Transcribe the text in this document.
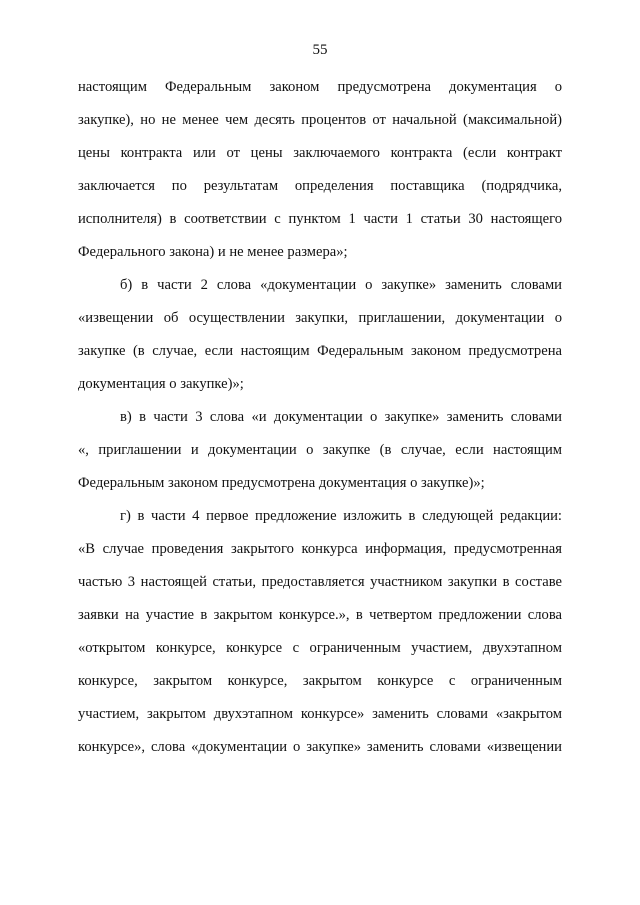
55
настоящим Федеральным законом предусмотрена документация о
закупке), но не менее чем десять процентов от начальной (максимальной)
цены контракта или от цены заключаемого контракта (если контракт
заключается по результатам определения поставщика (подрядчика,
исполнителя) в соответствии с пунктом 1 части 1 статьи 30 настоящего
Федерального закона) и не менее размера»;
б) в части 2 слова «документации о закупке» заменить словами
«извещении об осуществлении закупки, приглашении, документации о
закупке (в случае, если настоящим Федеральным законом предусмотрена
документация о закупке)»;
в) в части 3 слова «и документации о закупке» заменить словами
«, приглашении и документации о закупке (в случае, если настоящим
Федеральным законом предусмотрена документация о закупке)»;
г) в части 4 первое предложение изложить в следующей редакции:
«В случае проведения закрытого конкурса информация, предусмотренная
частью 3 настоящей статьи, предоставляется участником закупки в составе
заявки на участие в закрытом конкурсе.», в четвертом предложении слова
«открытом конкурсе, конкурсе с ограниченным участием, двухэтапном
конкурсе, закрытом конкурсе, закрытом конкурсе с ограниченным
участием, закрытом двухэтапном конкурсе» заменить словами «закрытом
конкурсе», слова «документации о закупке» заменить словами «извещении
